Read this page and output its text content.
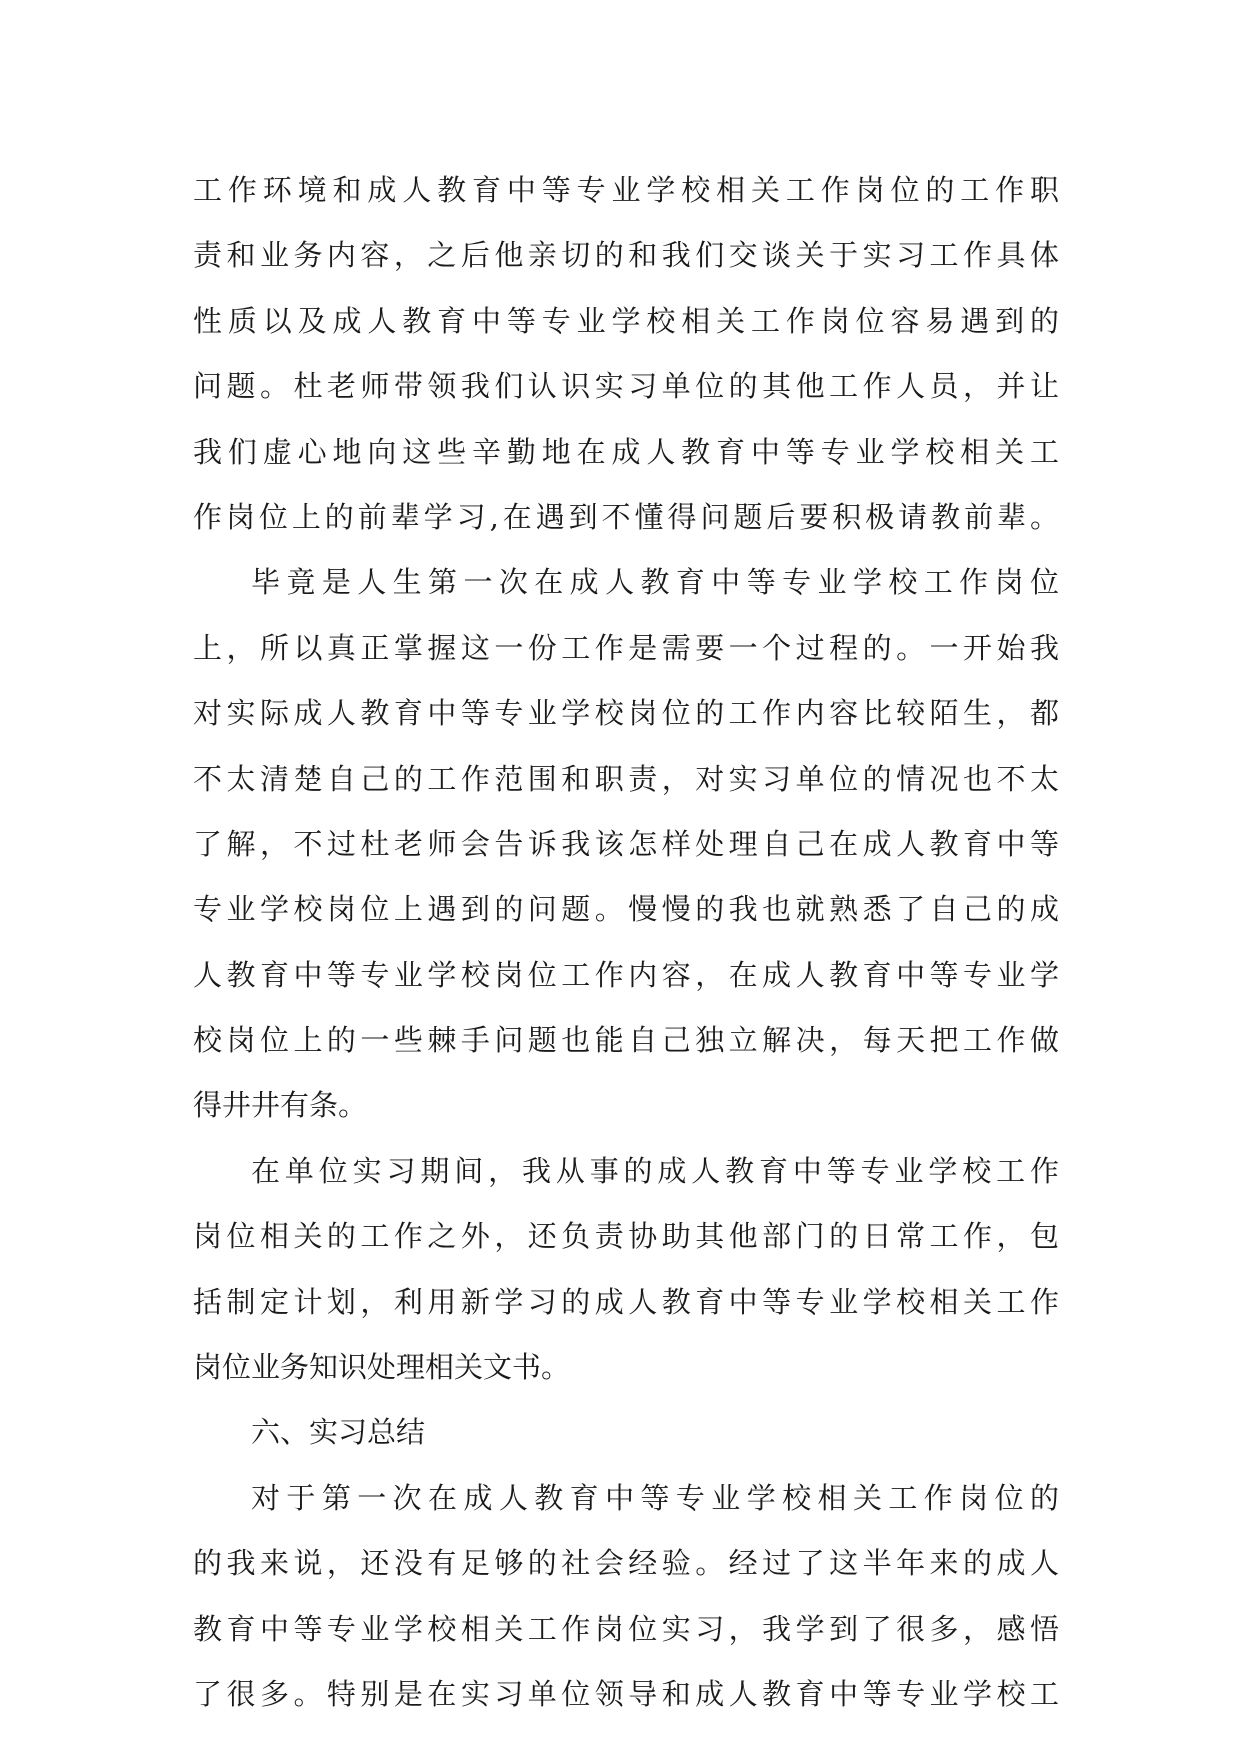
工作环境和成人教育中等专业学校相关工作岗位的工作职
责和业务内容，之后他亲切的和我们交谈关于实习工作具体
性质以及成人教育中等专业学校相关工作岗位容易遇到的
问题。杜老师带领我们认识实习单位的其他工作人员，并让
我们虚心地向这些辛勤地在成人教育中等专业学校相关工
作岗位上的前辈学习,在遇到不懂得问题后要积极请教前辈。
毕竟是人生第一次在成人教育中等专业学校工作岗位
上，所以真正掌握这一份工作是需要一个过程的。一开始我
对实际成人教育中等专业学校岗位的工作内容比较陌生，都
不太清楚自己的工作范围和职责，对实习单位的情况也不太
了解，不过杜老师会告诉我该怎样处理自己在成人教育中等
专业学校岗位上遇到的问题。慢慢的我也就熟悉了自己的成
人教育中等专业学校岗位工作内容，在成人教育中等专业学
校岗位上的一些棘手问题也能自己独立解决，每天把工作做
得井井有条。
在单位实习期间，我从事的成人教育中等专业学校工作
岗位相关的工作之外，还负责协助其他部门的日常工作，包
括制定计划，利用新学习的成人教育中等专业学校相关工作
岗位业务知识处理相关文书。
六、实习总结
对于第一次在成人教育中等专业学校相关工作岗位的
的我来说，还没有足够的社会经验。经过了这半年来的成人
教育中等专业学校相关工作岗位实习，我学到了很多，感悟
了很多。特别是在实习单位领导和成人教育中等专业学校工
